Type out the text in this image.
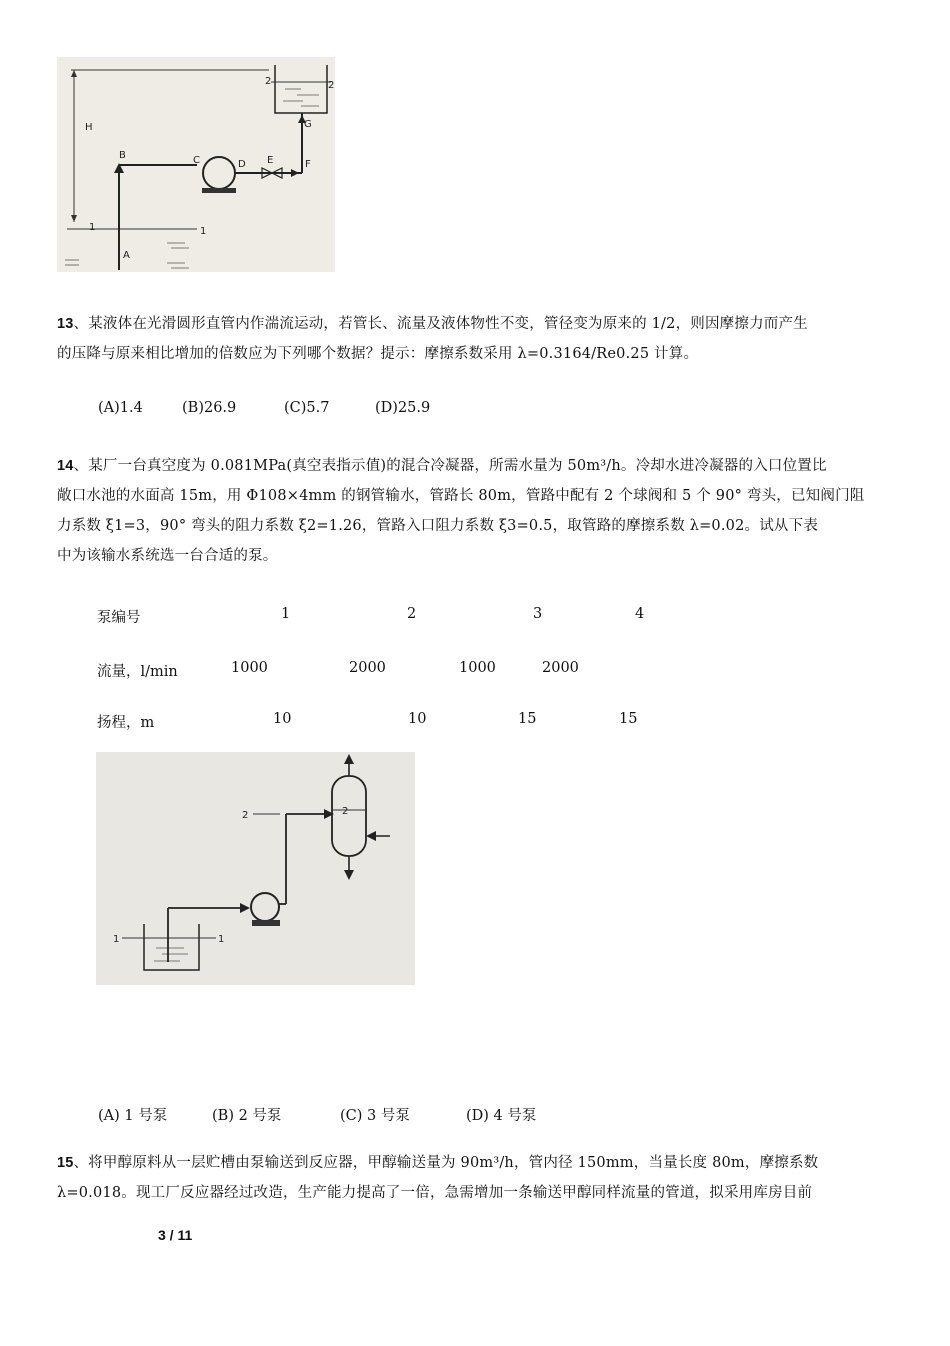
H
1	1
A
B	C	D E	F
G
2	2
13、某液体在光滑圆形直管内作湍流运动，若管长、流量及液体物性不变，管径变为原来的 1/2，则因摩擦力而产生
的压降与原来相比增加的倍数应为下列哪个数据？提示：摩擦系数采用 λ=0.3164/Re0.25 计算。
(A)1.4	(B)26.9	(C)5.7	(D)25.9
14、某厂一台真空度为 0.081MPa(真空表指示值)的混合冷凝器，所需水量为 50m³/h。冷却水进冷凝器的入口位置比
敞口水池的水面高 15m，用 Φ108×4mm 的钢管输水，管路长 80m，管路中配有 2 个球阀和 5 个 90° 弯头，已知阀门阻
力系数 ξ1=3，90° 弯头的阻力系数 ξ2=1.26，管路入口阻力系数 ξ3=0.5，取管路的摩擦系数 λ=0.02。试从下表
中为该输水系统选一台合适的泵。
泵编号	1	2	3	4
流量，l/min	1000	2000	1000	2000
扬程，m	10	10	15	15
1	1
2	2
(A) 1 号泵	(B) 2 号泵	(C) 3 号泵	(D) 4 号泵
15、将甲醇原料从一层贮槽由泵输送到反应器，甲醇输送量为 90m³/h，管内径 150mm，当量长度 80m，摩擦系数
λ=0.018。现工厂反应器经过改造，生产能力提高了一倍，急需增加一条输送甲醇同样流量的管道，拟采用库房目前
3 / 11
